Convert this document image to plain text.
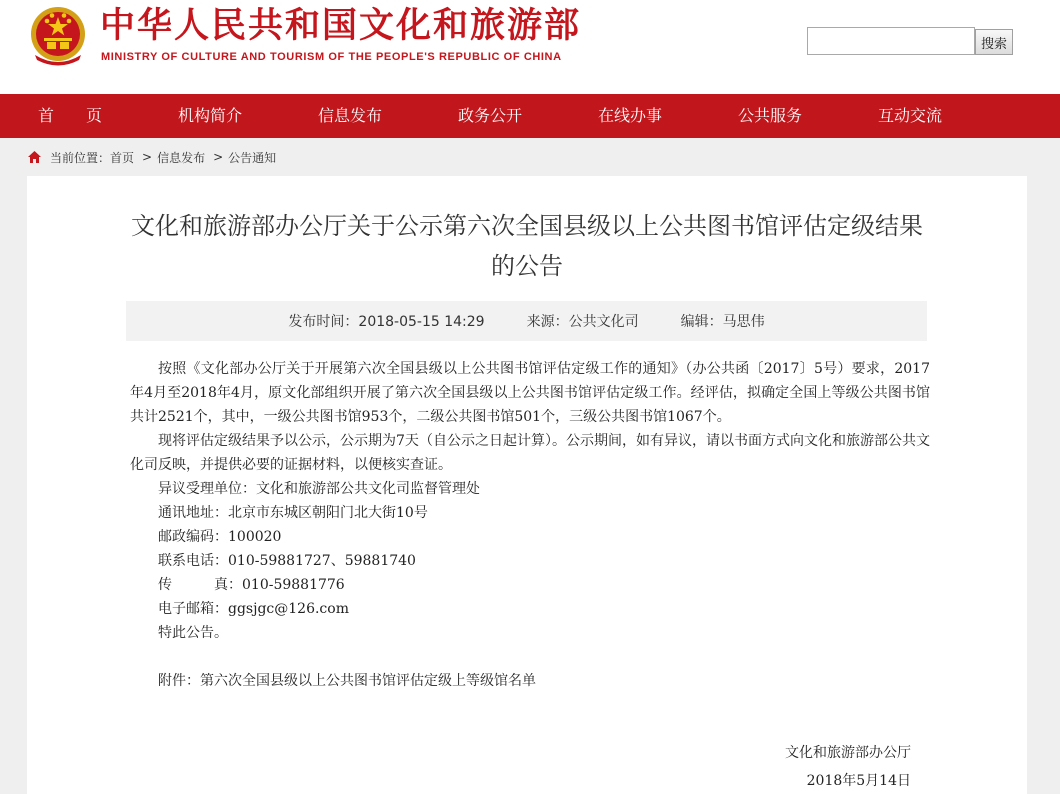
中华人民共和国文化和旅游部
MINISTRY OF CULTURE AND TOURISM OF THE PEOPLE'S REPUBLIC OF CHINA
搜索
首　　页	机构简介	信息发布	政务公开	在线办事	公共服务	互动交流
当前位置： 首页 > 信息发布 > 公告通知
文化和旅游部办公厅关于公示第六次全国县级以上公共图书馆评估定级结果的公告
发布时间：2018-05-15 14:29	来源：公共文化司	编辑：马思伟

按照《文化部办公厅关于开展第六次全国县级以上公共图书馆评估定级工作的通知》（办公共函〔2017〕5号）要求，2017年4月至2018年4月，原文化部组织开展了第六次全国县级以上公共图书馆评估定级工作。经评估，拟确定全国上等级公共图书馆共计2521个，其中，一级公共图书馆953个，二级公共图书馆501个，三级公共图书馆1067个。

现将评估定级结果予以公示，公示期为7天（自公示之日起计算）。公示期间，如有异议，请以书面方式向文化和旅游部公共文化司反映，并提供必要的证据材料，以便核实查证。

异议受理单位：文化和旅游部公共文化司监督管理处

通讯地址：北京市东城区朝阳门北大街10号

邮政编码：100020

联系电话：010-59881727、59881740

传　　　真：010-59881776

电子邮箱：ggsjgc@126.com

特此公告。

附件：第六次全国县级以上公共图书馆评估定级上等级馆名单

文化和旅游部办公厅
2018年5月14日
